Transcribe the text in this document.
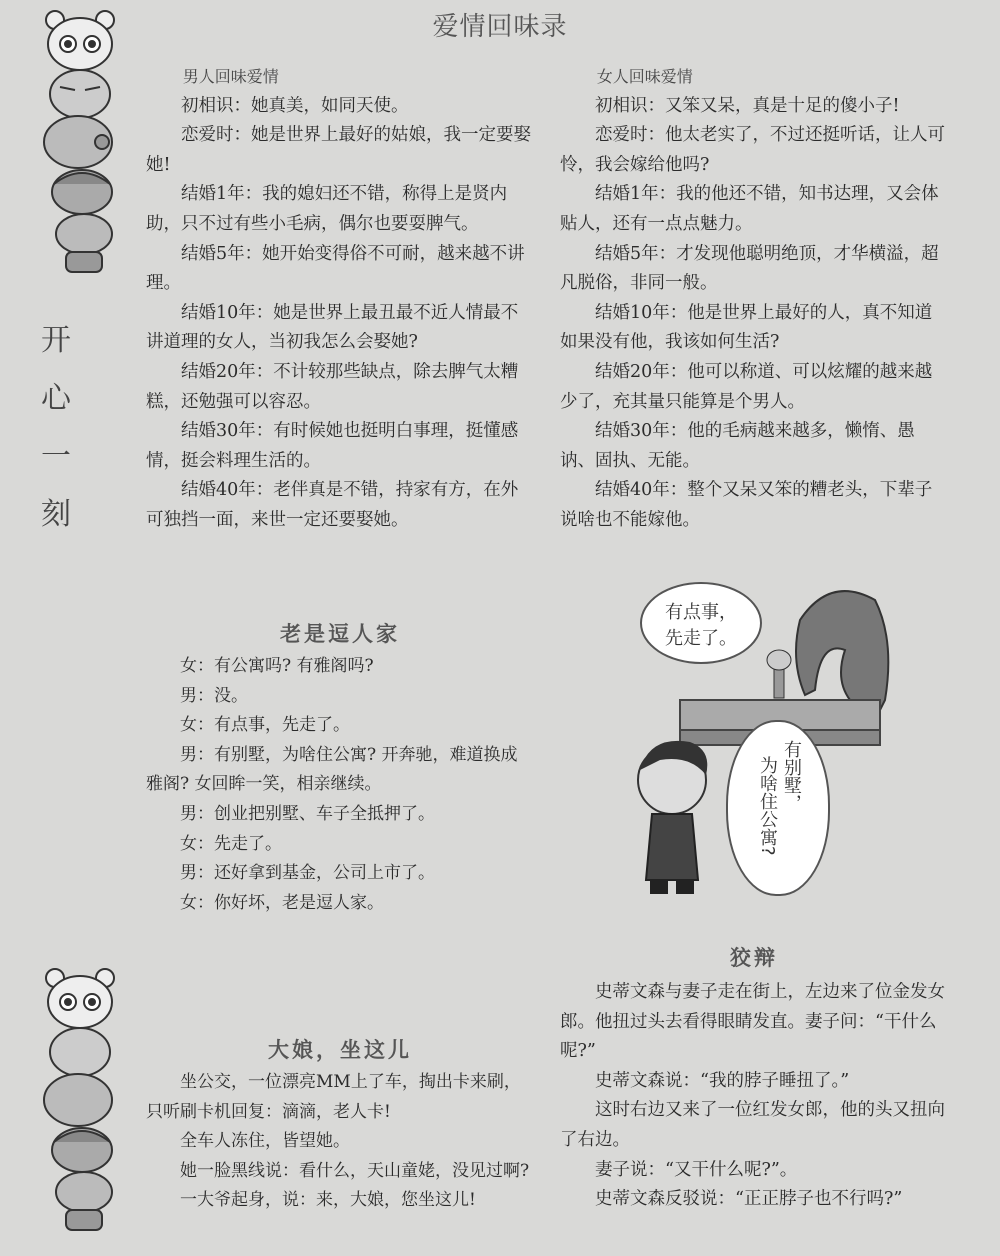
爱情回味录
开
心
一
刻

男人回味爱情

初相识：她真美，如同天使。

恋爱时：她是世界上最好的姑娘，我一定要娶她!

结婚1年：我的媳妇还不错，称得上是贤内助，只不过有些小毛病，偶尔也要耍脾气。

结婚5年：她开始变得俗不可耐，越来越不讲理。

结婚10年：她是世界上最丑最不近人情最不讲道理的女人，当初我怎么会娶她?

结婚20年：不计较那些缺点，除去脾气太糟糕，还勉强可以容忍。

结婚30年：有时候她也挺明白事理，挺懂感情，挺会料理生活的。

结婚40年：老伴真是不错，持家有方，在外可独挡一面，来世一定还要娶她。

女人回味爱情

初相识：又笨又呆，真是十足的傻小子!

恋爱时：他太老实了，不过还挺听话，让人可怜，我会嫁给他吗?

结婚1年：我的他还不错，知书达理，又会体贴人，还有一点点魅力。

结婚5年：才发现他聪明绝顶，才华横溢，超凡脱俗，非同一般。

结婚10年：他是世界上最好的人，真不知道如果没有他，我该如何生活?

结婚20年：他可以称道、可以炫耀的越来越少了，充其量只能算是个男人。

结婚30年：他的毛病越来越多，懒惰、愚讷、固执、无能。

结婚40年：整个又呆又笨的糟老头，下辈子说啥也不能嫁他。

老是逗人家

女：有公寓吗? 有雅阁吗?

男：没。

女：有点事，先走了。

男：有别墅，为啥住公寓? 开奔驰，难道换成雅阁? 女回眸一笑，相亲继续。

男：创业把别墅、车子全抵押了。

女：先走了。

男：还好拿到基金，公司上市了。

女：你好坏，老是逗人家。

有点事，
先走了。
有别墅，
为啥住公寓?
大娘，坐这儿

坐公交，一位漂亮MM上了车，掏出卡来刷，只听刷卡机回复：滴滴，老人卡!

全车人冻住，皆望她。

她一脸黑线说：看什么，天山童姥，没见过啊?

一大爷起身，说：来，大娘，您坐这儿!

狡辩

史蒂文森与妻子走在街上，左边来了位金发女郎。他扭过头去看得眼睛发直。妻子问：“干什么呢?”

史蒂文森说：“我的脖子睡扭了。”

这时右边又来了一位红发女郎，他的头又扭向了右边。

妻子说：“又干什么呢?”。

史蒂文森反驳说：“正正脖子也不行吗?”
